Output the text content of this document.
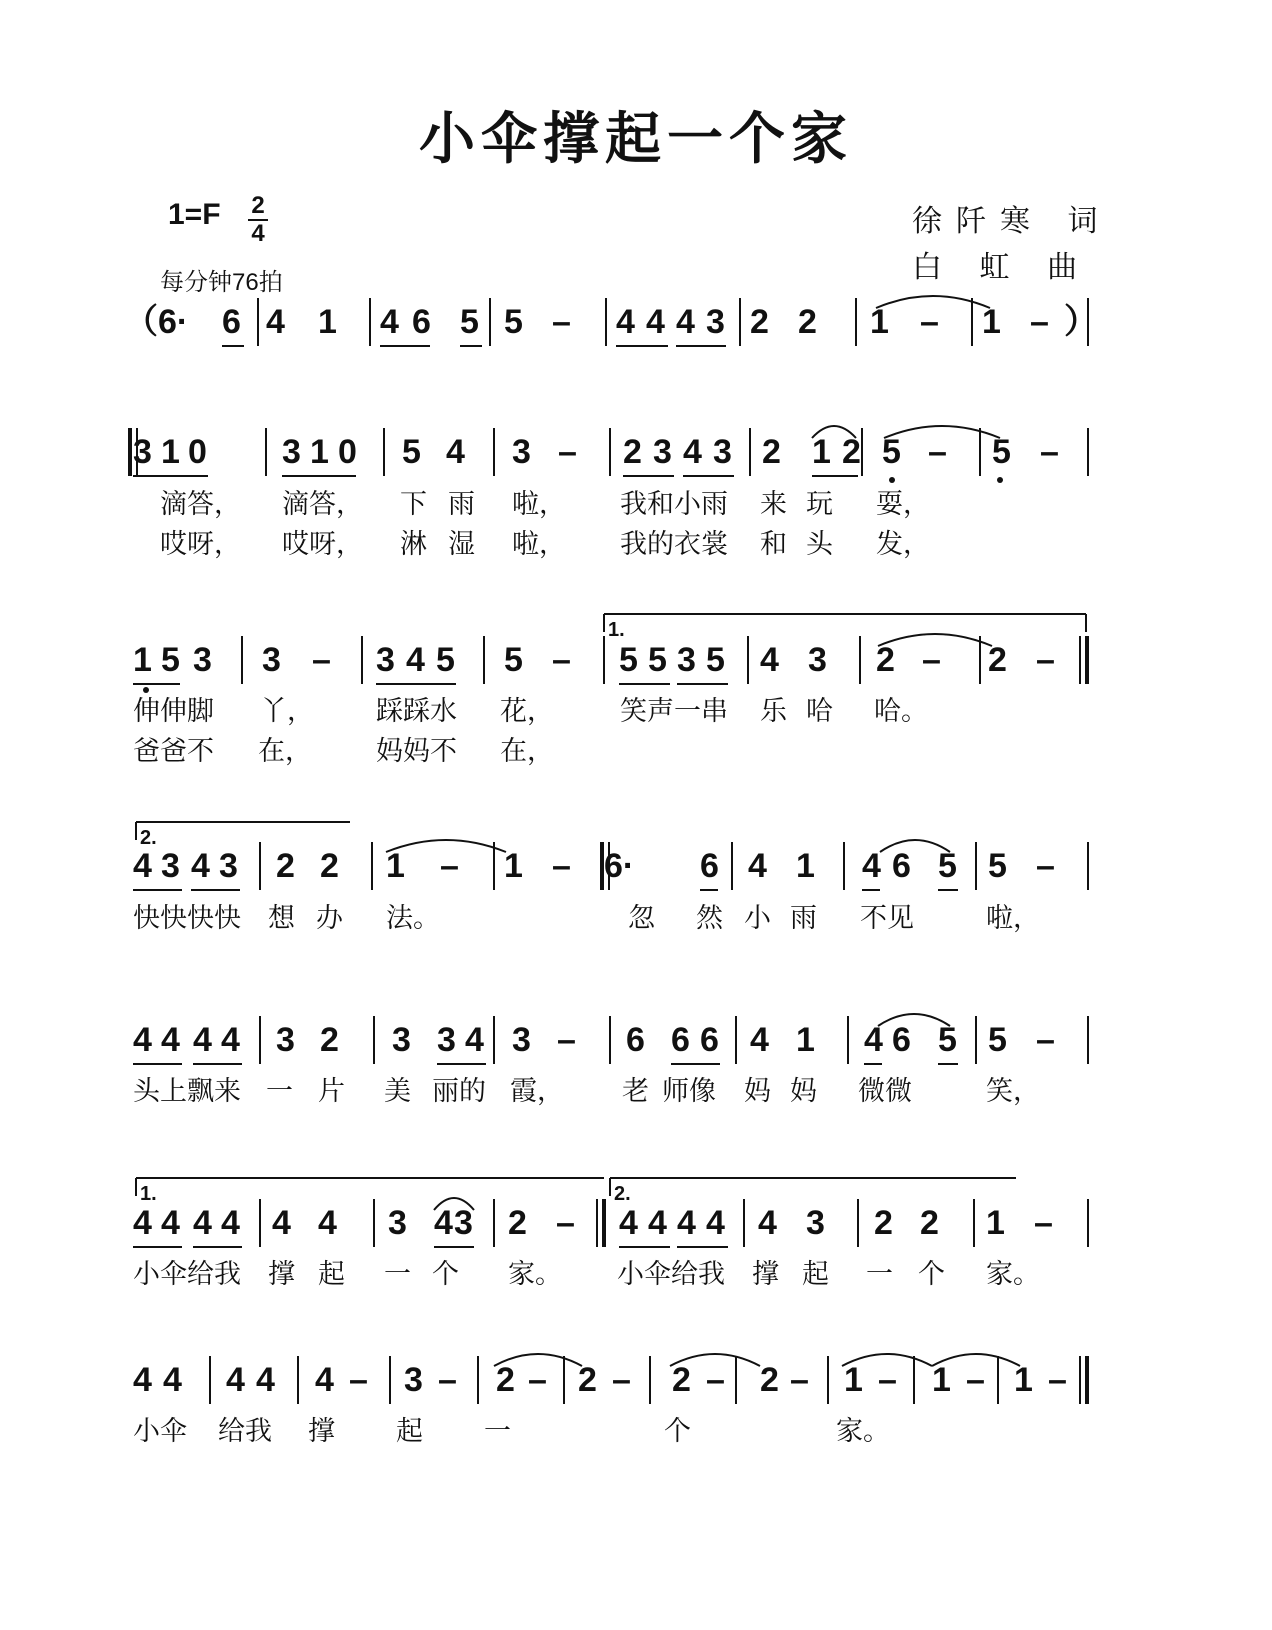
小伞撑起一个家
1=F 2
4
每分钟76拍
徐阡寒 词
白 虹 曲
（6· 6 4 1 4 6 5 5 – 4 4 4 3 2 2 1 – 1 – ）
3 1 0 3 1 0 5 4 3 – 2 3 4 3 2 1 2 5 – 5 –
滴答， 滴答， 下 雨 啦， 我和小雨 来 玩 耍，
哎呀， 哎呀， 淋 湿 啦， 我的衣裳 和 头 发，
1 5 3 3 – 3 4 5 5 – 5 5 3 5 4 3 2 – 2 –
伸伸脚 丫， 踩踩水 花， 笑声一串 乐 哈 哈。
爸爸不 在， 妈妈不 在，
4 3 4 3 2 2 1 – 1 – 6· 6 4 1 4 6 5 5 –
快快快快 想 办 法。	忽 然 小 雨 不见	啦，
4 4 4 4 3 2 3 3 4 3 – 6 6 6 4 1 4 6 5 5 –
头上飘来 一 片 美 丽的 霞， 老 师像 妈 妈 微微	笑，
4 4 4 4 4 4 3 4 3 2 – 4 4 4 4 4 3 2 2 1 –
小伞给我 撑 起 一 个 家。 小伞给我 撑 起 一 个 家。
4 4 4 4 4 – 3 – 2 – 2 – 2 – 2 – 1 – 1 – 1 –
小伞 给我 撑 起 一	个	家。
1.
2.
1.	2.
